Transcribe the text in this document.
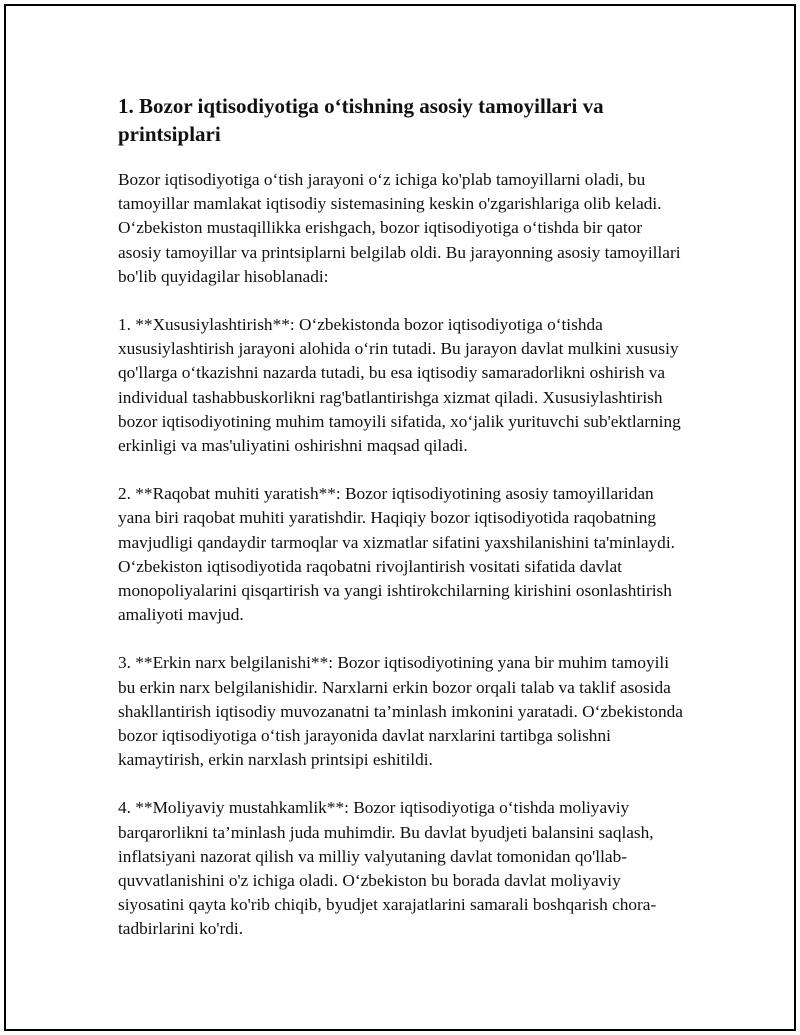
1. Bozor iqtisodiyotiga o‘tishning asosiy tamoyillari va printsiplari

Bozor iqtisodiyotiga o‘tish jarayoni o‘z ichiga ko'plab tamoyillarni oladi, bu tamoyillar mamlakat iqtisodiy sistemasining keskin o'zgarishlariga olib keladi. O‘zbekiston mustaqillikka erishgach, bozor iqtisodiyotiga o‘tishda bir qator asosiy tamoyillar va printsiplarni belgilab oldi. Bu jarayonning asosiy tamoyillari bo'lib quyidagilar hisoblanadi:

1. **Xususiylashtirish**: O‘zbekistonda bozor iqtisodiyotiga o‘tishda xususiylashtirish jarayoni alohida o‘rin tutadi. Bu jarayon davlat mulkini xususiy qo'llarga o‘tkazishni nazarda tutadi, bu esa iqtisodiy samaradorlikni oshirish va individual tashabbuskorlikni rag'batlantirishga xizmat qiladi. Xususiylashtirish bozor iqtisodiyotining muhim tamoyili sifatida, xo‘jalik yurituvchi sub'ektlarning erkinligi va mas'uliyatini oshirishni maqsad qiladi.

2. **Raqobat muhiti yaratish**: Bozor iqtisodiyotining asosiy tamoyillaridan yana biri raqobat muhiti yaratishdir. Haqiqiy bozor iqtisodiyotida raqobatning mavjudligi qandaydir tarmoqlar va xizmatlar sifatini yaxshilanishini ta'minlaydi. O‘zbekiston iqtisodiyotida raqobatni rivojlantirish vositati sifatida davlat monopoliyalarini qisqartirish va yangi ishtirokchilarning kirishini osonlashtirish amaliyoti mavjud.

3. **Erkin narx belgilanishi**: Bozor iqtisodiyotining yana bir muhim tamoyili bu erkin narx belgilanishidir. Narxlarni erkin bozor orqali talab va taklif asosida shakllantirish iqtisodiy muvozanatni ta’minlash imkonini yaratadi. O‘zbekistonda bozor iqtisodiyotiga o‘tish jarayonida davlat narxlarini tartibga solishni kamaytirish, erkin narxlash printsipi eshitildi.

4. **Moliyaviy mustahkamlik**: Bozor iqtisodiyotiga o‘tishda moliyaviy barqarorlikni ta’minlash juda muhimdir. Bu davlat byudjeti balansini saqlash, inflatsiyani nazorat qilish va milliy valyutaning davlat tomonidan qo'llab-quvvatlanishini o'z ichiga oladi. O‘zbekiston bu borada davlat moliyaviy siyosatini qayta ko'rib chiqib, byudjet xarajatlarini samarali boshqarish chora-tadbirlarini ko'rdi.
